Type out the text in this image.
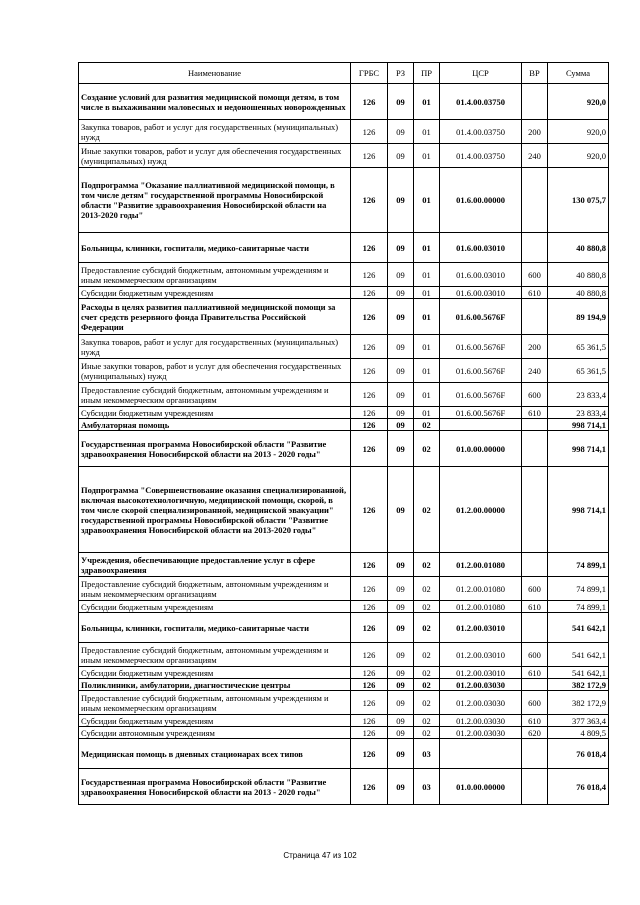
Наименование	ГРБС	РЗ	ПР	ЦСР	ВР	Сумма
Создание условий для развития медицинской помощи детям, в том числе в выхаживании маловесных и недоношенных новорожденных	126	09	01	01.4.00.03750		920,0
Закупка товаров, работ и услуг для государственных (муниципальных) нужд	126	09	01	01.4.00.03750	200	920,0
Иные закупки товаров, работ и услуг для обеспечения государственных (муниципальных) нужд	126	09	01	01.4.00.03750	240	920,0
Подпрограмма "Оказание паллиативной медицинской помощи, в том числе детям" государственной программы Новосибирской области "Развитие здравоохранения Новосибирской области на 2013-2020 годы"	126	09	01	01.6.00.00000		130 075,7
Больницы, клиники, госпитали, медико-санитарные части	126	09	01	01.6.00.03010		40 880,8
Предоставление субсидий бюджетным, автономным учреждениям и иным некоммерческим организациям	126	09	01	01.6.00.03010	600	40 880,8
Субсидии бюджетным учреждениям	126	09	01	01.6.00.03010	610	40 880,8
Расходы в целях развития паллиативной медицинской помощи за счет средств резервного фонда Правительства Российской Федерации	126	09	01	01.6.00.5676F		89 194,9
Закупка товаров, работ и услуг для государственных (муниципальных) нужд	126	09	01	01.6.00.5676F	200	65 361,5
Иные закупки товаров, работ и услуг для обеспечения государственных (муниципальных) нужд	126	09	01	01.6.00.5676F	240	65 361,5
Предоставление субсидий бюджетным, автономным учреждениям и иным некоммерческим организациям	126	09	01	01.6.00.5676F	600	23 833,4
Субсидии бюджетным учреждениям	126	09	01	01.6.00.5676F	610	23 833,4
Амбулаторная помощь	126	09	02			998 714,1
Государственная программа Новосибирской области "Развитие здравоохранения Новосибирской области на 2013 - 2020 годы"	126	09	02	01.0.00.00000		998 714,1
Подпрограмма "Совершенствование оказания специализированной, включая высокотехнологичную, медицинской помощи, скорой, в том числе скорой специализированной, медицинской эвакуации" государственной программы Новосибирской области "Развитие здравоохранения Новосибирской области на 2013-2020 годы"	126	09	02	01.2.00.00000		998 714,1
Учреждения, обеспечивающие предоставление услуг в сфере здравоохранения	126	09	02	01.2.00.01080		74 899,1
Предоставление субсидий бюджетным, автономным учреждениям и иным некоммерческим организациям	126	09	02	01.2.00.01080	600	74 899,1
Субсидии бюджетным учреждениям	126	09	02	01.2.00.01080	610	74 899,1
Больницы, клиники, госпитали, медико-санитарные части	126	09	02	01.2.00.03010		541 642,1
Предоставление субсидий бюджетным, автономным учреждениям и иным некоммерческим организациям	126	09	02	01.2.00.03010	600	541 642,1
Субсидии бюджетным учреждениям	126	09	02	01.2.00.03010	610	541 642,1
Поликлиники, амбулатории, диагностические центры	126	09	02	01.2.00.03030		382 172,9
Предоставление субсидий бюджетным, автономным учреждениям и иным некоммерческим организациям	126	09	02	01.2.00.03030	600	382 172,9
Субсидии бюджетным учреждениям	126	09	02	01.2.00.03030	610	377 363,4
Субсидии автономным учреждениям	126	09	02	01.2.00.03030	620	4 809,5
Медицинская помощь в дневных стационарах всех типов	126	09	03			76 018,4
Государственная программа Новосибирской области "Развитие здравоохранения Новосибирской области на 2013 - 2020 годы"	126	09	03	01.0.00.00000		76 018,4
Страница 47 из 102
